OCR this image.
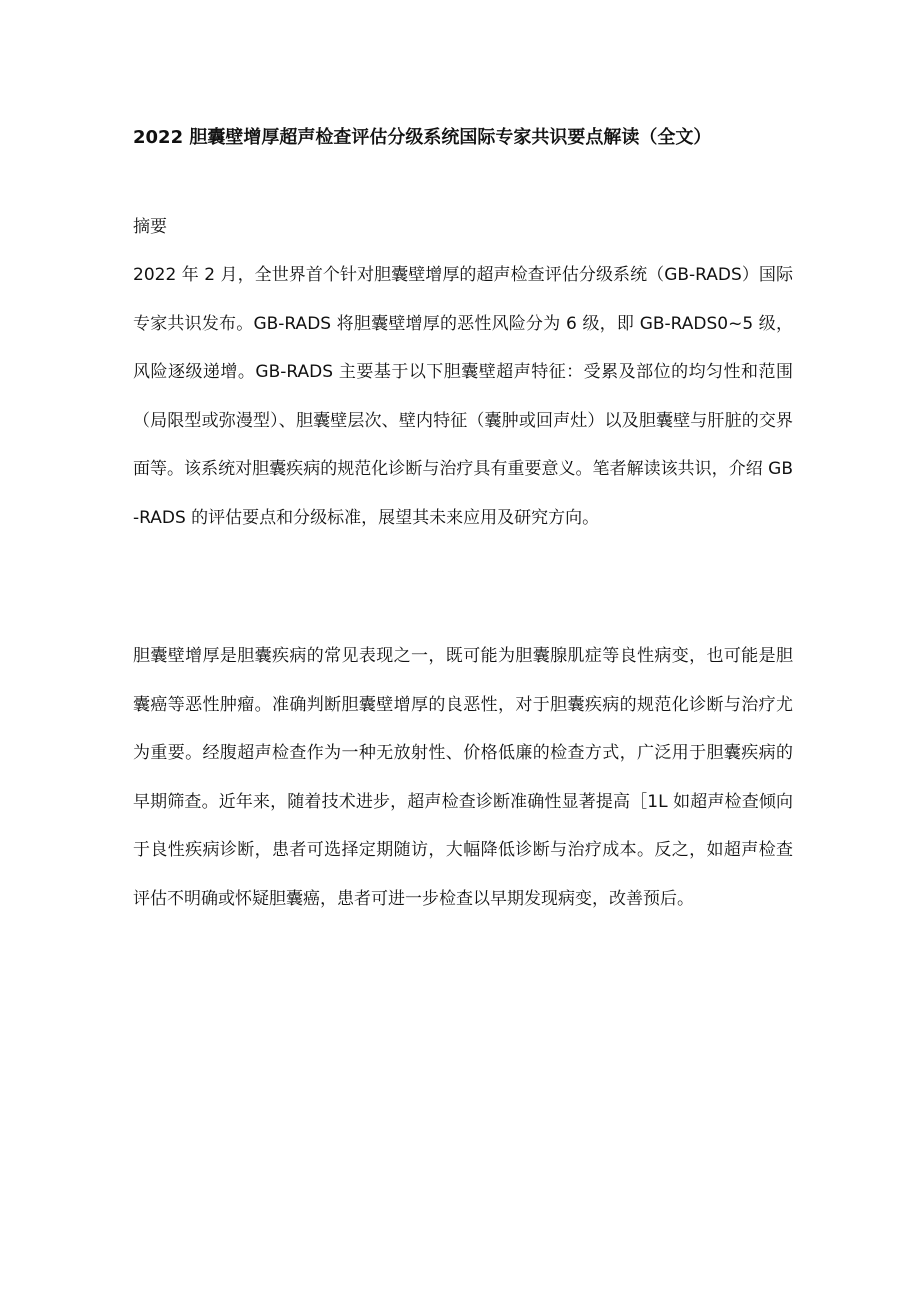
2022 胆囊壁增厚超声检查评估分级系统国际专家共识要点解读（全文）
摘要

2022 年 2 月，全世界首个针对胆囊壁增厚的超声检查评估分级系统（GB-RADS）国际专家共识发布。GB-RADS 将胆囊壁增厚的恶性风险分为 6 级，即 GB-RADS0~5 级，风险逐级递增。GB-RADS 主要基于以下胆囊壁超声特征：受累及部位的均匀性和范围（局限型或弥漫型）、胆囊壁层次、壁内特征（囊肿或回声灶）以及胆囊壁与肝脏的交界面等。该系统对胆囊疾病的规范化诊断与治疗具有重要意义。笔者解读该共识，介绍 GB-RADS 的评估要点和分级标准，展望其未来应用及研究方向。

胆囊壁增厚是胆囊疾病的常见表现之一，既可能为胆囊腺肌症等良性病变，也可能是胆囊癌等恶性肿瘤。准确判断胆囊壁增厚的良恶性，对于胆囊疾病的规范化诊断与治疗尤为重要。经腹超声检查作为一种无放射性、价格低廉的检查方式，广泛用于胆囊疾病的早期筛查。近年来，随着技术进步，超声检查诊断准确性显著提高［1L 如超声检查倾向于良性疾病诊断，患者可选择定期随访，大幅降低诊断与治疗成本。反之，如超声检查评估不明确或怀疑胆囊癌，患者可进一步检查以早期发现病变，改善预后。
